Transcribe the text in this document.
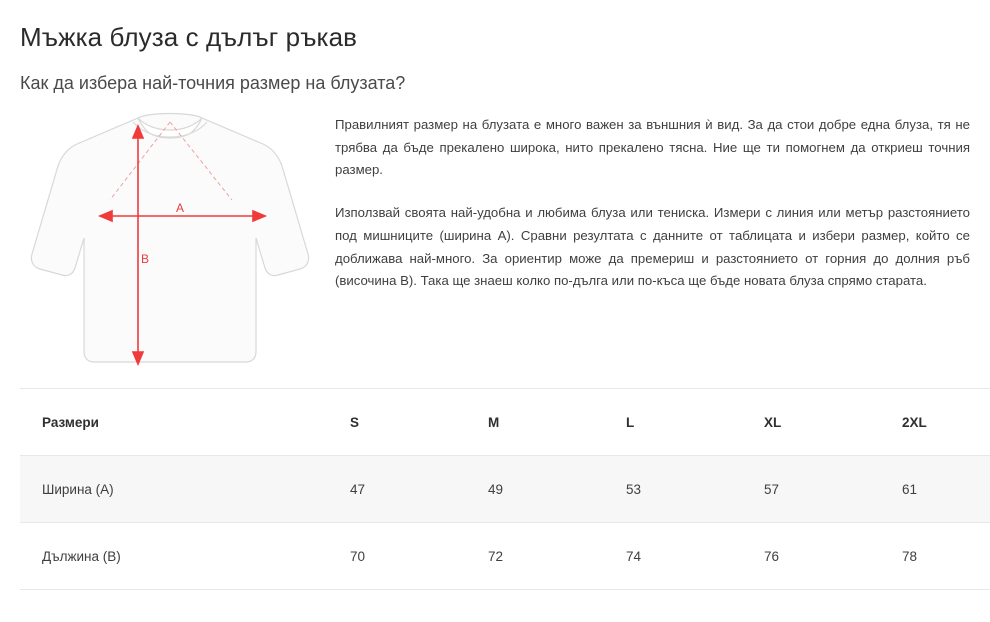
Мъжка блуза с дълъг ръкав
Как да избера най-точния размер на блузата?
A
B

Правилният размер на блузата е много важен за външния ѝ вид. За да стои добре една блуза, тя не трябва да бъде прекалено широка, нито прекалено тясна. Ние ще ти помогнем да откриеш точния размер.

Използвай своята най-удобна и любима блуза или тениска. Измери с линия или метър разстоянието под мишниците (ширина A). Сравни резултата с данните от таблицата и избери размер, който се доближава най-много. За ориентир може да премериш и разстоянието от горния до долния ръб (височина B). Така ще знаеш колко по-дълга или по-къса ще бъде новата блуза спрямо старата.

Размери	S	M	L	XL	2XL
Ширина (A)	47	49	53	57	61
Дължина (B)	70	72	74	76	78
